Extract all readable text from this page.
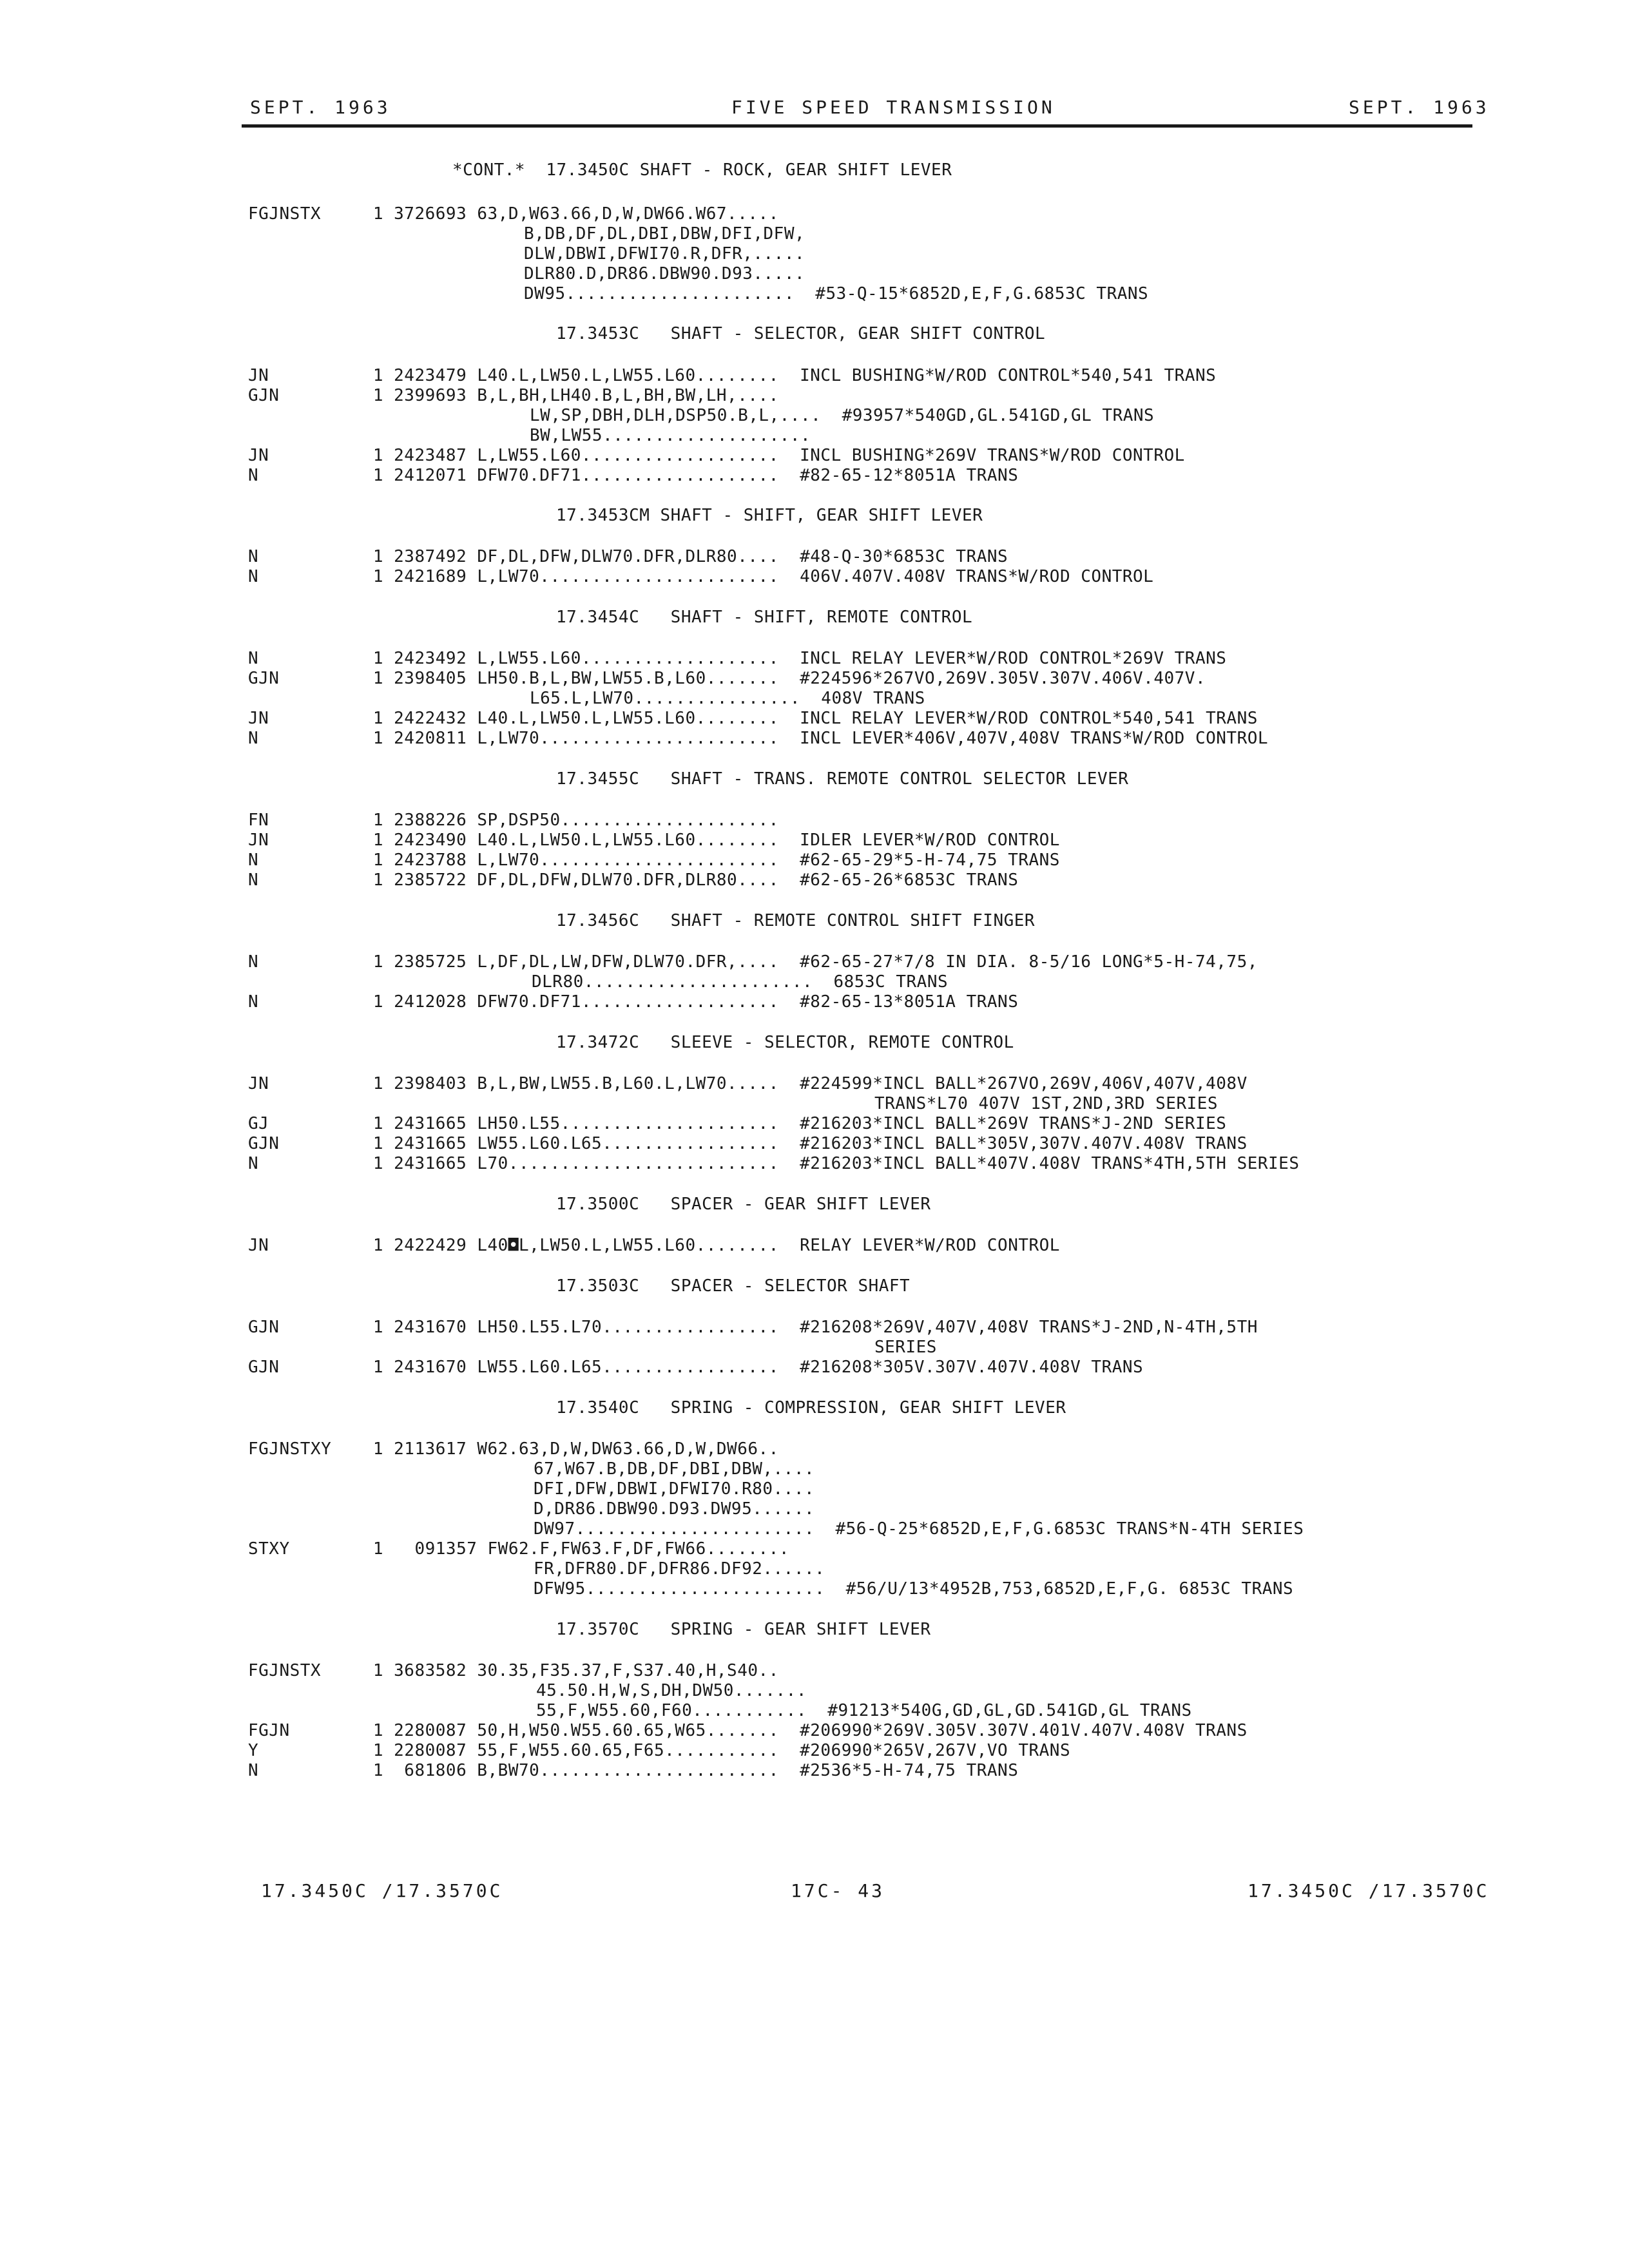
SEPT. 1963	FIVE SPEED TRANSMISSION	SEPT. 1963
*CONT.*  17.3450C SHAFT - ROCK, GEAR SHIFT LEVER
FGJNSTX     1 3726693 63,D,W63.66,D,W,DW66.W67.....
B,DB,DF,DL,DBI,DBW,DFI,DFW,
DLW,DBWI,DFWI70.R,DFR,.....
DLR80.D,DR86.DBW90.D93.....
DW95......................  #53-Q-15*6852D,E,F,G.6853C TRANS
17.3453C   SHAFT - SELECTOR, GEAR SHIFT CONTROL
JN          1 2423479 L40.L,LW50.L,LW55.L60........  INCL BUSHING*W/ROD CONTROL*540,541 TRANS
GJN         1 2399693 B,L,BH,LH40.B,L,BH,BW,LH,....
LW,SP,DBH,DLH,DSP50.B,L,....  #93957*540GD,GL.541GD,GL TRANS
BW,LW55....................
JN          1 2423487 L,LW55.L60...................  INCL BUSHING*269V TRANS*W/ROD CONTROL
N           1 2412071 DFW70.DF71...................  #82-65-12*8051A TRANS
17.3453CM SHAFT - SHIFT, GEAR SHIFT LEVER
N           1 2387492 DF,DL,DFW,DLW70.DFR,DLR80....  #48-Q-30*6853C TRANS
N           1 2421689 L,LW70.......................  406V.407V.408V TRANS*W/ROD CONTROL
17.3454C   SHAFT - SHIFT, REMOTE CONTROL
N           1 2423492 L,LW55.L60...................  INCL RELAY LEVER*W/ROD CONTROL*269V TRANS
GJN         1 2398405 LH50.B,L,BW,LW55.B,L60.......  #224596*267VO,269V.305V.307V.406V.407V.
L65.L,LW70................  408V TRANS
JN          1 2422432 L40.L,LW50.L,LW55.L60........  INCL RELAY LEVER*W/ROD CONTROL*540,541 TRANS
N           1 2420811 L,LW70.......................  INCL LEVER*406V,407V,408V TRANS*W/ROD CONTROL
17.3455C   SHAFT - TRANS. REMOTE CONTROL SELECTOR LEVER
FN          1 2388226 SP,DSP50.....................
JN          1 2423490 L40.L,LW50.L,LW55.L60........  IDLER LEVER*W/ROD CONTROL
N           1 2423788 L,LW70.......................  #62-65-29*5-H-74,75 TRANS
N           1 2385722 DF,DL,DFW,DLW70.DFR,DLR80....  #62-65-26*6853C TRANS
17.3456C   SHAFT - REMOTE CONTROL SHIFT FINGER
N           1 2385725 L,DF,DL,LW,DFW,DLW70.DFR,....  #62-65-27*7/8 IN DIA. 8-5/16 LONG*5-H-74,75,
DLR80......................  6853C TRANS
N           1 2412028 DFW70.DF71...................  #82-65-13*8051A TRANS
17.3472C   SLEEVE - SELECTOR, REMOTE CONTROL
JN          1 2398403 B,L,BW,LW55.B,L60.L,LW70.....  #224599*INCL BALL*267VO,269V,406V,407V,408V
TRANS*L70 407V 1ST,2ND,3RD SERIES
GJ          1 2431665 LH50.L55.....................  #216203*INCL BALL*269V TRANS*J-2ND SERIES
GJN         1 2431665 LW55.L60.L65.................  #216203*INCL BALL*305V,307V.407V.408V TRANS
N           1 2431665 L70..........................  #216203*INCL BALL*407V.408V TRANS*4TH,5TH SERIES
17.3500C   SPACER - GEAR SHIFT LEVER
JN          1 2422429 L40◘L,LW50.L,LW55.L60........  RELAY LEVER*W/ROD CONTROL
17.3503C   SPACER - SELECTOR SHAFT
GJN         1 2431670 LH50.L55.L70.................  #216208*269V,407V,408V TRANS*J-2ND,N-4TH,5TH
SERIES
GJN         1 2431670 LW55.L60.L65.................  #216208*305V.307V.407V.408V TRANS
17.3540C   SPRING - COMPRESSION, GEAR SHIFT LEVER
FGJNSTXY    1 2113617 W62.63,D,W,DW63.66,D,W,DW66..
67,W67.B,DB,DF,DBI,DBW,....
DFI,DFW,DBWI,DFWI70.R80....
D,DR86.DBW90.D93.DW95......
DW97.......................  #56-Q-25*6852D,E,F,G.6853C TRANS*N-4TH SERIES
STXY        1   091357 FW62.F,FW63.F,DF,FW66........
FR,DFR80.DF,DFR86.DF92......
DFW95.......................  #56/U/13*4952B,753,6852D,E,F,G. 6853C TRANS
17.3570C   SPRING - GEAR SHIFT LEVER
FGJNSTX     1 3683582 30.35,F35.37,F,S37.40,H,S40..
45.50.H,W,S,DH,DW50.......
55,F,W55.60,F60...........  #91213*540G,GD,GL,GD.541GD,GL TRANS
FGJN        1 2280087 50,H,W50.W55.60.65,W65.......  #206990*269V.305V.307V.401V.407V.408V TRANS
Y           1 2280087 55,F,W55.60.65,F65...........  #206990*265V,267V,VO TRANS
N           1  681806 B,BW70.......................  #2536*5-H-74,75 TRANS
17.3450C /17.3570C	17C- 43	17.3450C /17.3570C
